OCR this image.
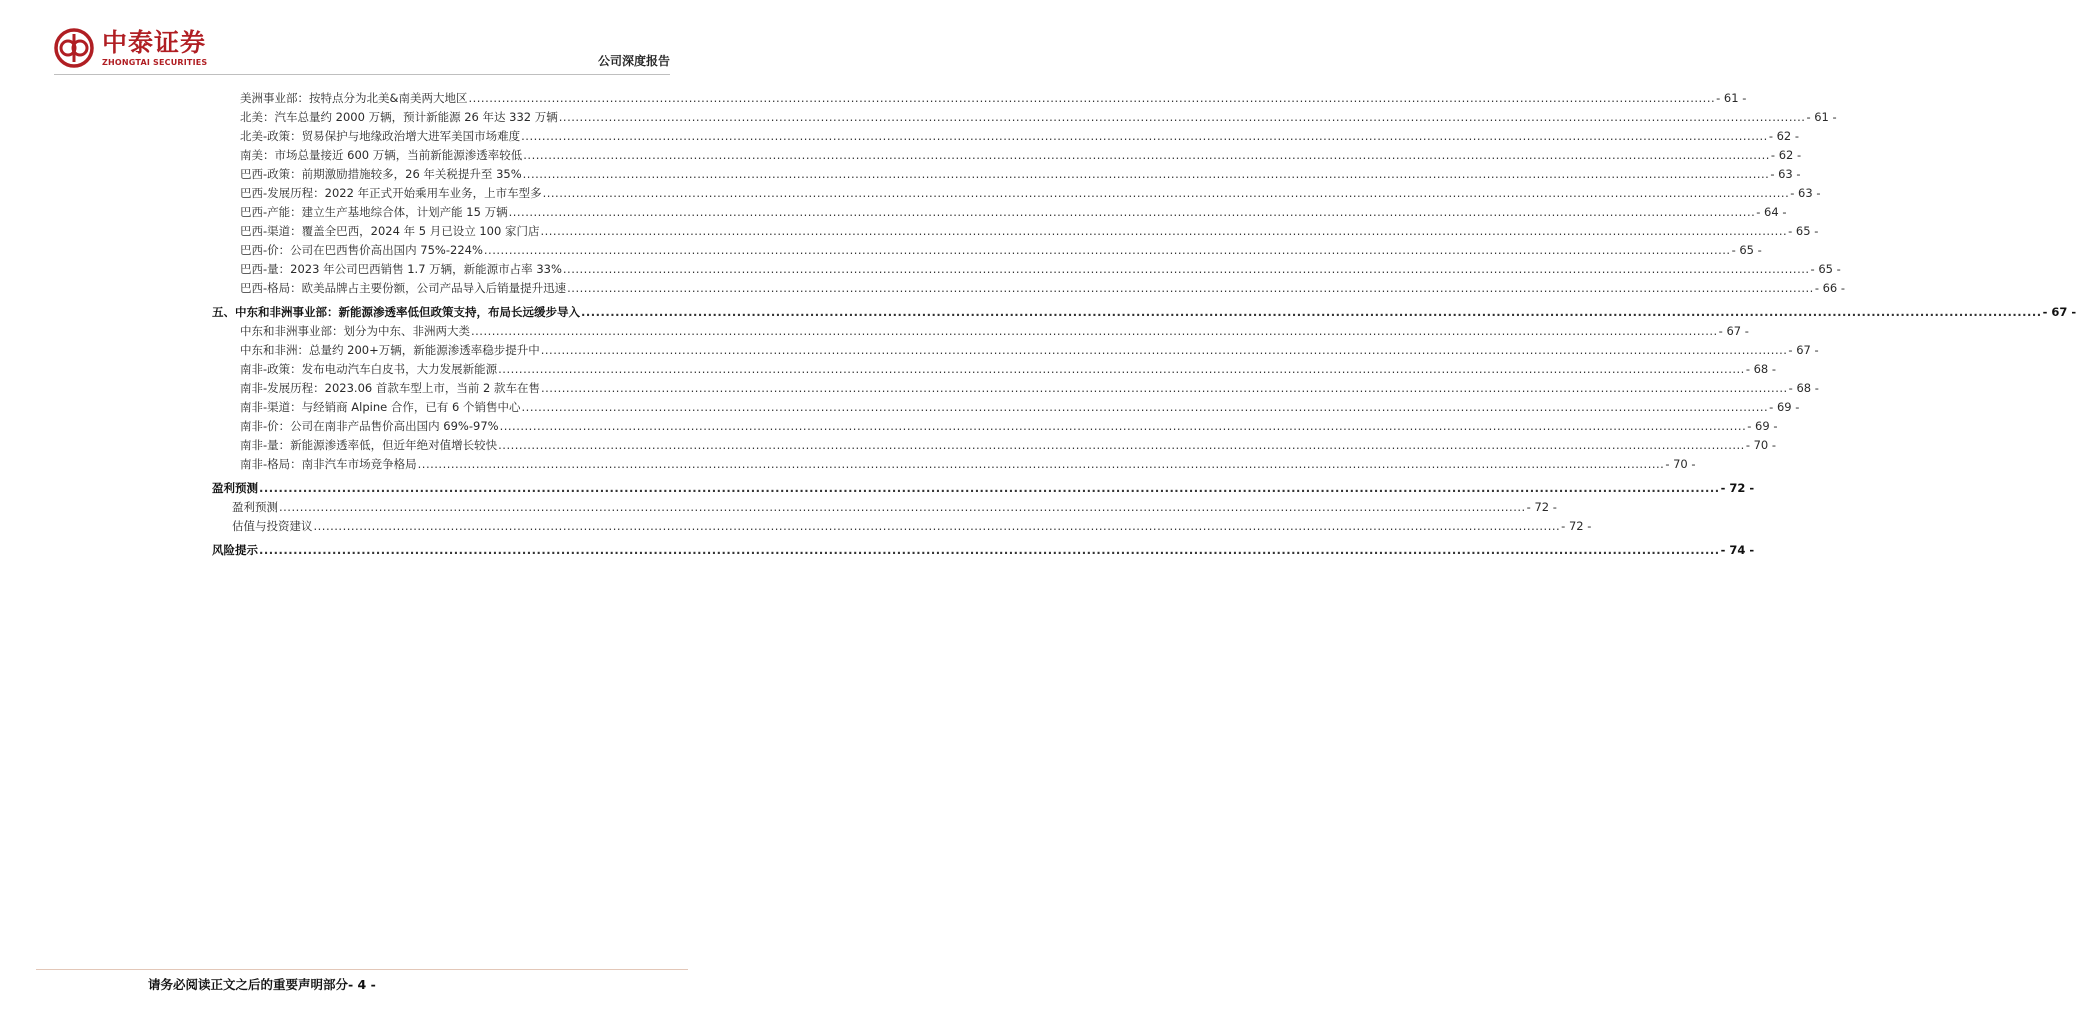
中泰证券
ZHONGTAI SECURITIES	公司深度报告
美洲事业部：按特点分为北美&南美两大地区 ............................................................................................................................................................................................................................................................................................................ - 61 -
北美：汽车总量约 2000 万辆，预计新能源 26 年达 332 万辆 ............................................................................................................................................................................................................................................................................................................ - 61 -
北美-政策：贸易保护与地缘政治增大进军美国市场难度 ............................................................................................................................................................................................................................................................................................................ - 62 -
南美：市场总量接近 600 万辆，当前新能源渗透率较低 ............................................................................................................................................................................................................................................................................................................ - 62 -
巴西-政策：前期激励措施较多，26 年关税提升至 35% ............................................................................................................................................................................................................................................................................................................ - 63 -
巴西-发展历程：2022 年正式开始乘用车业务，上市车型多 ............................................................................................................................................................................................................................................................................................................ - 63 -
巴西-产能：建立生产基地综合体，计划产能 15 万辆 ............................................................................................................................................................................................................................................................................................................ - 64 -
巴西-渠道：覆盖全巴西，2024 年 5 月已设立 100 家门店 ............................................................................................................................................................................................................................................................................................................ - 65 -
巴西-价：公司在巴西售价高出国内 75%-224% ............................................................................................................................................................................................................................................................................................................ - 65 -
巴西-量：2023 年公司巴西销售 1.7 万辆，新能源市占率 33% ............................................................................................................................................................................................................................................................................................................ - 65 -
巴西-格局：欧美品牌占主要份额，公司产品导入后销量提升迅速 ............................................................................................................................................................................................................................................................................................................ - 66 -
五、中东和非洲事业部：新能源渗透率低但政策支持，布局长远缓步导入 ............................................................................................................................................................................................................................................................................................................ - 67 -
中东和非洲事业部：划分为中东、非洲两大类 ............................................................................................................................................................................................................................................................................................................ - 67 -
中东和非洲：总量约 200+万辆，新能源渗透率稳步提升中 ............................................................................................................................................................................................................................................................................................................ - 67 -
南非-政策：发布电动汽车白皮书，大力发展新能源 ............................................................................................................................................................................................................................................................................................................ - 68 -
南非-发展历程：2023.06 首款车型上市，当前 2 款车在售 ............................................................................................................................................................................................................................................................................................................ - 68 -
南非-渠道：与经销商 Alpine 合作，已有 6 个销售中心 ............................................................................................................................................................................................................................................................................................................ - 69 -
南非-价：公司在南非产品售价高出国内 69%-97% ............................................................................................................................................................................................................................................................................................................ - 69 -
南非-量：新能源渗透率低，但近年绝对值增长较快 ............................................................................................................................................................................................................................................................................................................ - 70 -
南非-格局：南非汽车市场竞争格局 ............................................................................................................................................................................................................................................................................................................ - 70 -
盈利预测 ............................................................................................................................................................................................................................................................................................................ - 72 -
盈利预测 ............................................................................................................................................................................................................................................................................................................ - 72 -
估值与投资建议 ............................................................................................................................................................................................................................................................................................................ - 72 -
风险提示 ............................................................................................................................................................................................................................................................................................................ - 74 -
请务必阅读正文之后的重要声明部分- 4 -
